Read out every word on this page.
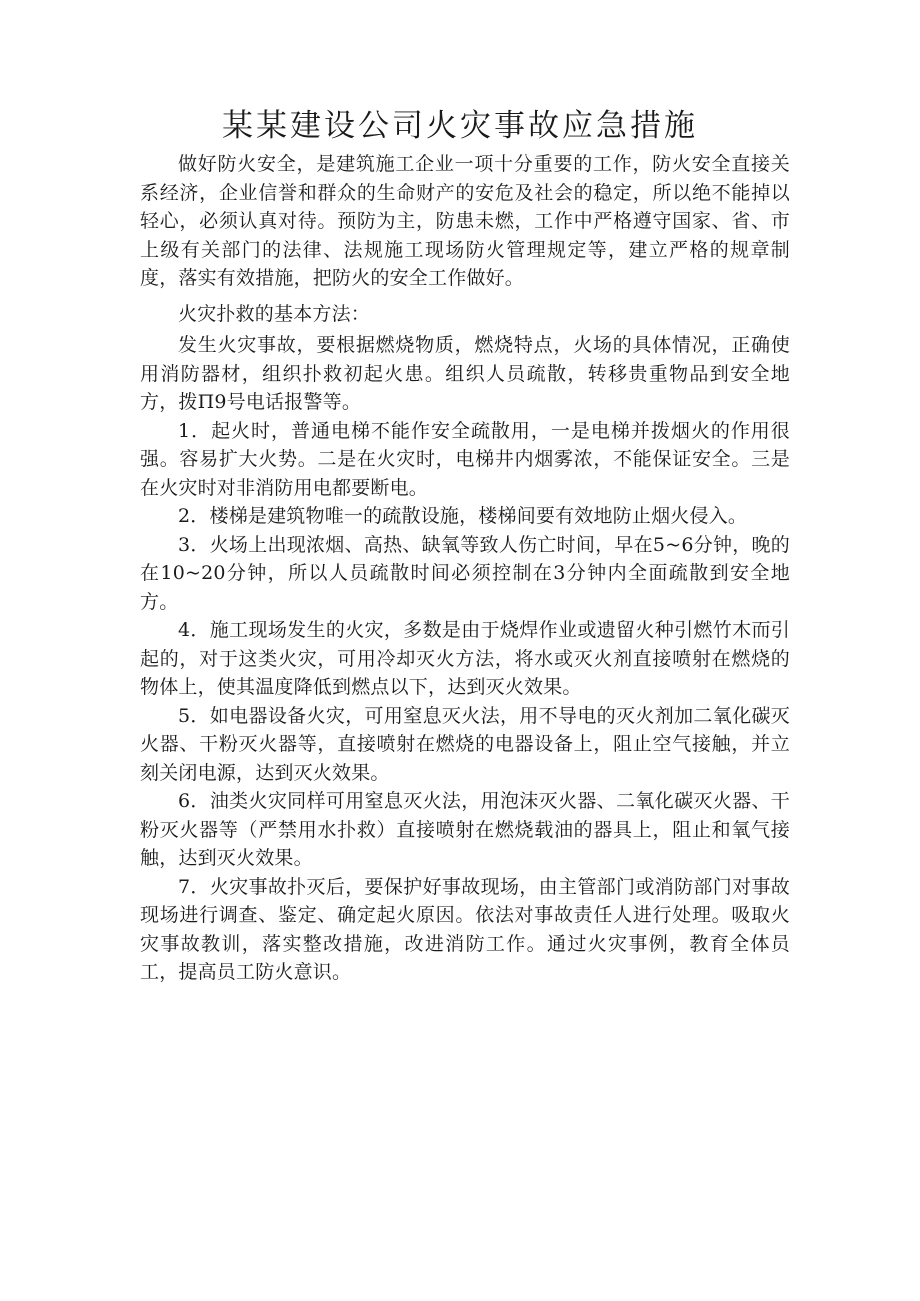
某某建设公司火灾事故应急措施

做好防火安全，是建筑施工企业一项十分重要的工作，防火安全直接关系经济，企业信誉和群众的生命财产的安危及社会的稳定，所以绝不能掉以轻心，必须认真对待。预防为主，防患未燃，工作中严格遵守国家、省、市上级有关部门的法律、法规施工现场防火管理规定等，建立严格的规章制度，落实有效措施，把防火的安全工作做好。

火灾扑救的基本方法：

发生火灾事故，要根据燃烧物质，燃烧特点，火场的具体情况，正确使用消防器材，组织扑救初起火患。组织人员疏散，转移贵重物品到安全地方，拨П9号电话报警等。

1．起火时，普通电梯不能作安全疏散用，一是电梯并拨烟火的作用很强。容易扩大火势。二是在火灾时，电梯井内烟雾浓，不能保证安全。三是在火灾时对非消防用电都要断电。

2．楼梯是建筑物唯一的疏散设施，楼梯间要有效地防止烟火侵入。

3．火场上出现浓烟、高热、缺氧等致人伤亡时间，早在5~6分钟，晚的在10~20分钟，所以人员疏散时间必须控制在3分钟内全面疏散到安全地方。

4．施工现场发生的火灾，多数是由于烧焊作业或遗留火种引燃竹木而引起的，对于这类火灾，可用冷却灭火方法，将水或灭火剂直接喷射在燃烧的物体上，使其温度降低到燃点以下，达到灭火效果。

5．如电器设备火灾，可用窒息灭火法，用不导电的灭火剂加二氧化碳灭火器、干粉灭火器等，直接喷射在燃烧的电器设备上，阻止空气接触，并立刻关闭电源，达到灭火效果。

6．油类火灾同样可用窒息灭火法，用泡沫灭火器、二氧化碳灭火器、干粉灭火器等（严禁用水扑救）直接喷射在燃烧载油的器具上，阻止和氧气接触，达到灭火效果。

7．火灾事故扑灭后，要保护好事故现场，由主管部门或消防部门对事故现场进行调查、鉴定、确定起火原因。依法对事故责任人进行处理。吸取火灾事故教训，落实整改措施，改进消防工作。通过火灾事例，教育全体员工，提高员工防火意识。
